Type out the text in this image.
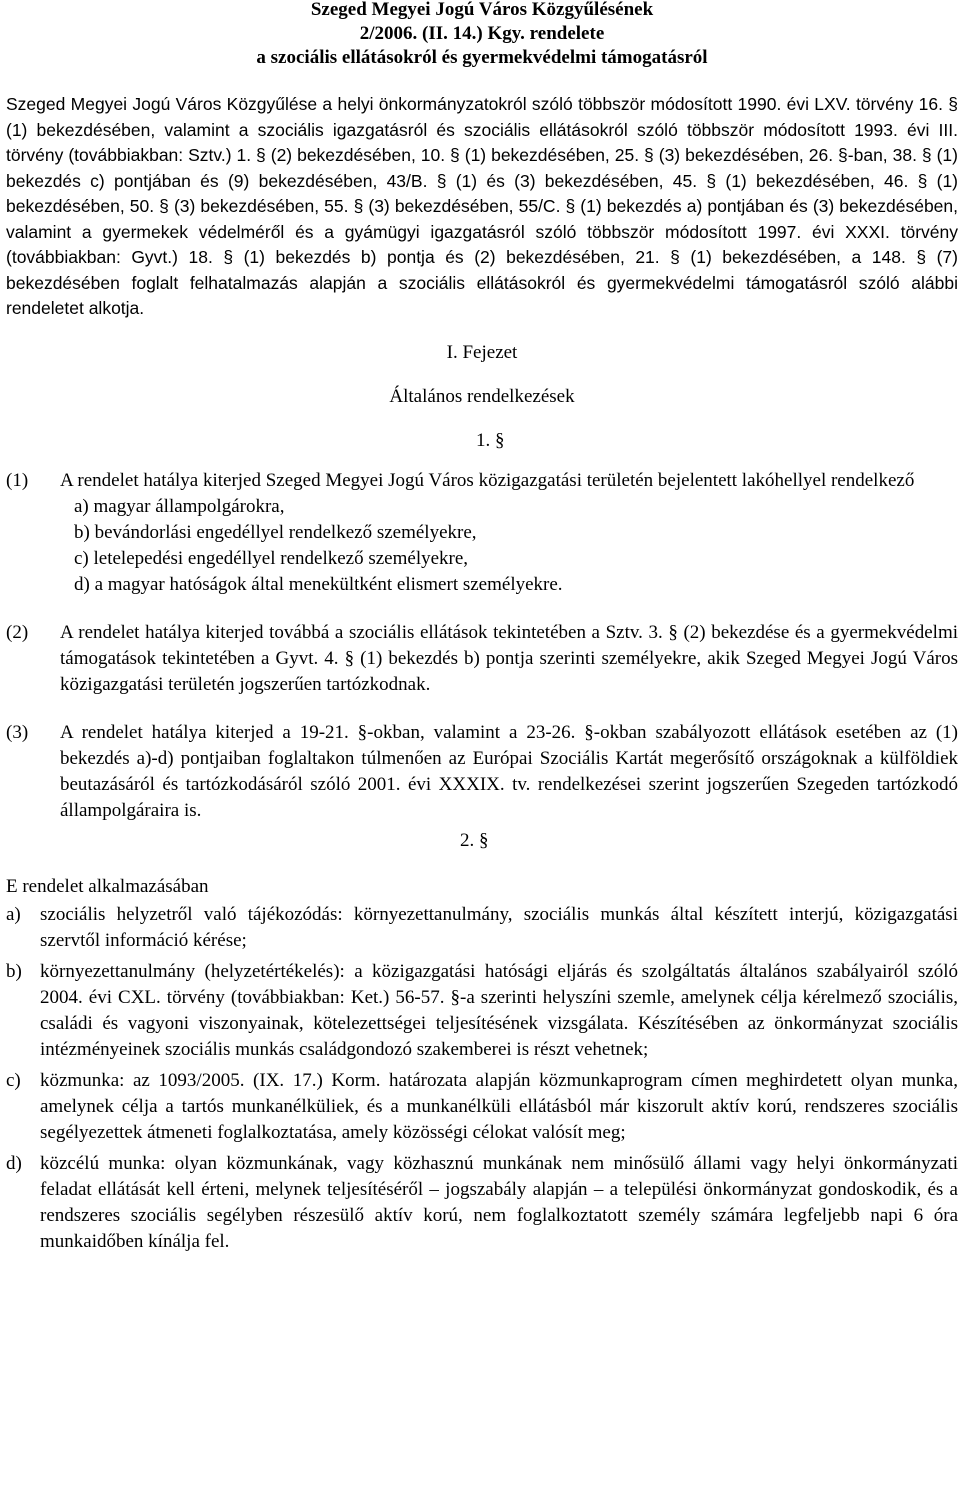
Szeged Megyei Jogú Város Közgyűlésének
2/2006. (II. 14.) Kgy. rendelete
a szociális ellátásokról és gyermekvédelmi támogatásról
Szeged Megyei Jogú Város Közgyűlése a helyi önkormányzatokról szóló többször módosított 1990. évi LXV. törvény 16. § (1) bekezdésében, valamint a szociális igazgatásról és szociális ellátásokról szóló többször módosított 1993. évi III. törvény (továbbiakban: Sztv.) 1. § (2) bekezdésében, 10. § (1) bekezdésében, 25. § (3) bekezdésében, 26. §-ban, 38. § (1) bekezdés c) pontjában és (9) bekezdésében, 43/B. § (1) és (3) bekezdésében, 45. § (1) bekezdésében, 46. § (1) bekezdésében, 50. § (3) bekezdésében, 55. § (3) bekezdésében, 55/C. § (1) bekezdés a) pontjában és (3) bekezdésében, valamint a gyermekek védelméről és a gyámügyi igazgatásról szóló többször módosított 1997. évi XXXI. törvény (továbbiakban: Gyvt.) 18. § (1) bekezdés b) pontja és (2) bekezdésében, 21. § (1) bekezdésében, a 148. § (7) bekezdésében foglalt felhatalmazás alapján a szociális ellátásokról és gyermekvédelmi támogatásról szóló alábbi rendeletet alkotja.
I. Fejezet
Általános rendelkezések
1. §
(1)	A rendelet hatálya kiterjed Szeged Megyei Jogú Város közigazgatási területén bejelentett lakóhellyel rendelkező
a) magyar állampolgárokra,
b) bevándorlási engedéllyel rendelkező személyekre,
c) letelepedési engedéllyel rendelkező személyekre,
d) a magyar hatóságok által menekültként elismert személyekre.
(2)	A rendelet hatálya kiterjed továbbá a szociális ellátások tekintetében a Sztv. 3. § (2) bekezdése és a gyermekvédelmi támogatások tekintetében a Gyvt. 4. § (1) bekezdés b) pontja szerinti személyekre, akik Szeged Megyei Jogú Város közigazgatási területén jogszerűen tartózkodnak.
(3)	A rendelet hatálya kiterjed a 19-21. §-okban, valamint a 23-26. §-okban szabályozott ellátások esetében az (1) bekezdés a)-d) pontjaiban foglaltakon túlmenően az Európai Szociális Kartát megerősítő országoknak a külföldiek beutazásáról és tartózkodásáról szóló 2001. évi XXXIX. tv. rendelkezései szerint jogszerűen Szegeden tartózkodó állampolgáraira is.
2. §
E rendelet alkalmazásában
a)	szociális helyzetről való tájékozódás: környezettanulmány, szociális munkás által készített interjú, közigazgatási szervtől információ kérése;
b) környezettanulmány (helyzetértékelés): a közigazgatási hatósági eljárás és szolgáltatás általános szabályairól szóló 2004. évi CXL. törvény (továbbiakban: Ket.) 56-57. §-a szerinti helyszíni szemle, amelynek célja kérelmező szociális, családi és vagyoni viszonyainak, kötelezettségei teljesítésének vizsgálata. Készítésében az önkormányzat szociális intézményeinek szociális munkás családgondozó szakemberei is részt vehetnek;
c)	közmunka: az 1093/2005. (IX. 17.) Korm. határozata alapján közmunkaprogram címen meghirdetett olyan munka, amelynek célja a tartós munkanélküliek, és a munkanélküli ellátásból már kiszorult aktív korú, rendszeres szociális segélyezettek átmeneti foglalkoztatása, amely közösségi célokat valósít meg;
d) közcélú munka: olyan közmunkának, vagy közhasznú munkának nem minősülő állami vagy helyi önkormányzati feladat ellátását kell érteni, melynek teljesítéséről – jogszabály alapján – a települési önkormányzat gondoskodik, és a rendszeres szociális segélyben részesülő aktív korú, nem foglalkoztatott személy számára legfeljebb napi 6 óra munkaidőben kínálja fel.
